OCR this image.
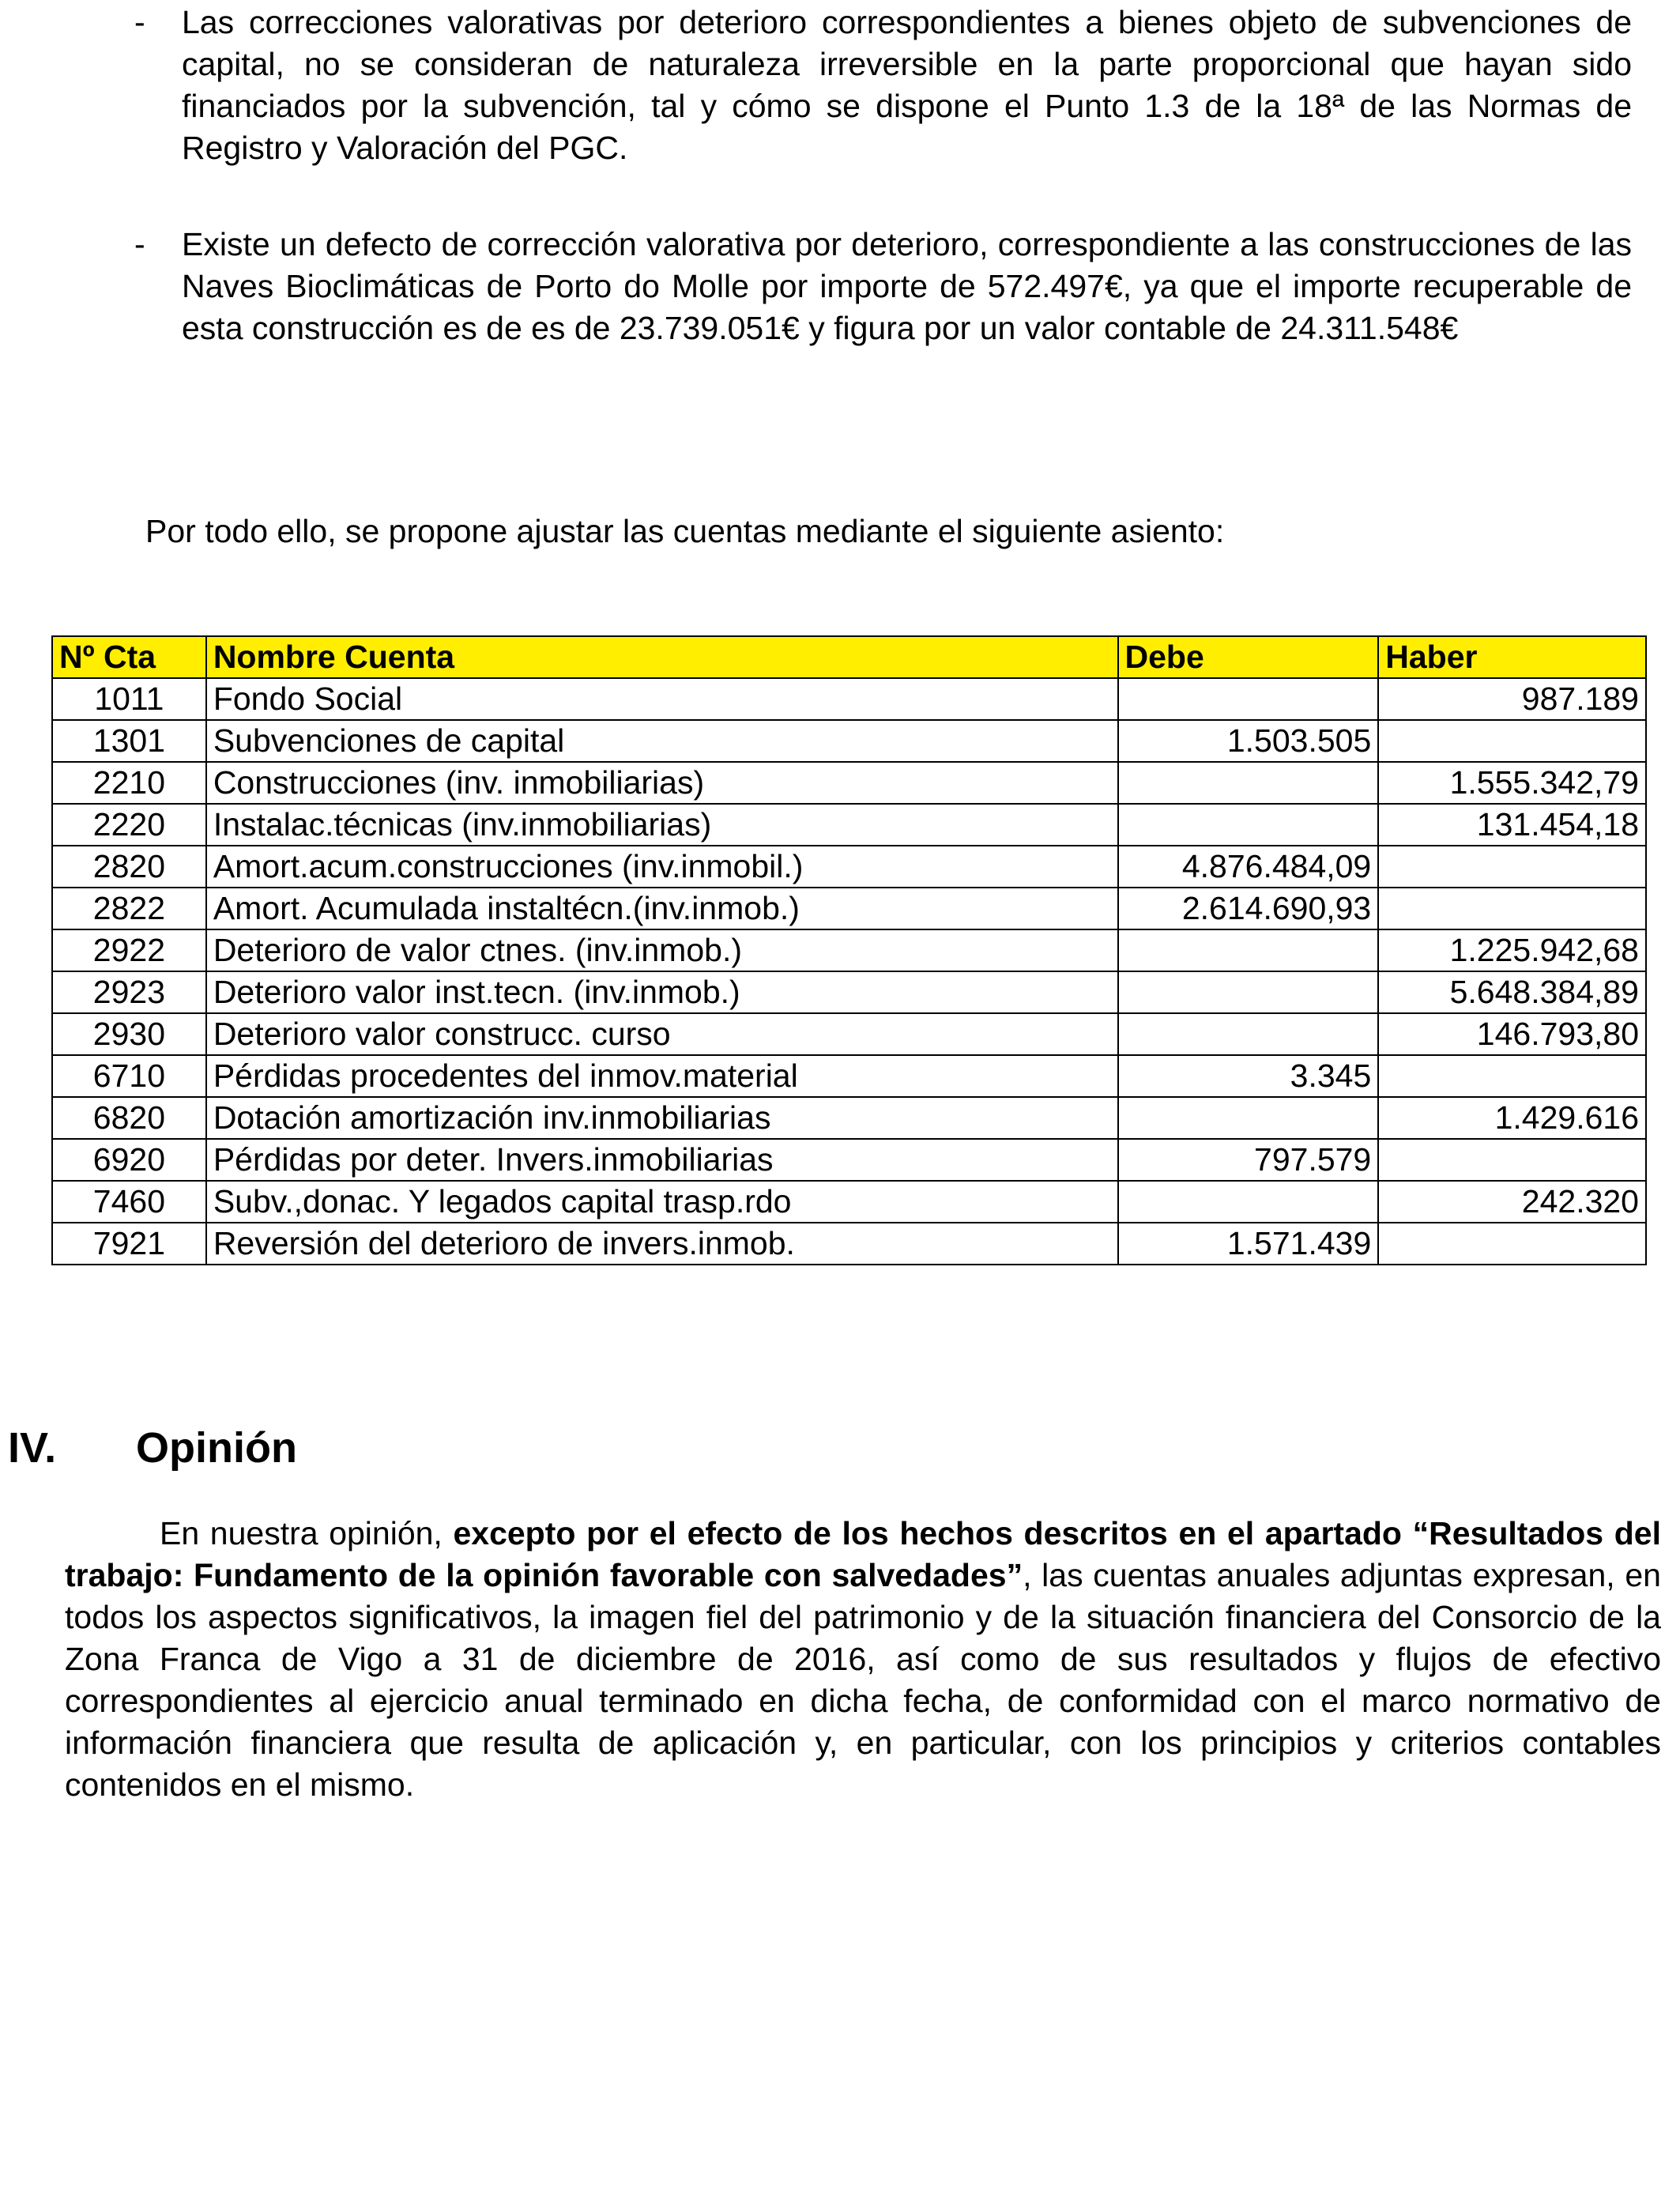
- Las correcciones valorativas por deterioro correspondientes a bienes objeto de subvenciones de capital, no se consideran de naturaleza irreversible en la parte proporcional que hayan sido financiados por la subvención, tal y cómo se dispone el Punto 1.3 de la 18ª de las Normas de Registro y Valoración del PGC.

- Existe un defecto de corrección valorativa por deterioro, correspondiente a las construcciones de las Naves Bioclimáticas de Porto do Molle por importe de 572.497€, ya que el importe recuperable de esta construcción es de es de 23.739.051€ y figura por un valor contable de 24.311.548€

Por todo ello, se propone ajustar las cuentas mediante el siguiente asiento:
Nº Cta	Nombre Cuenta	Debe	Haber
1011	Fondo Social		987.189
1301	Subvenciones de capital	1.503.505	
2210	Construcciones (inv. inmobiliarias)		1.555.342,79
2220	Instalac.técnicas (inv.inmobiliarias)		131.454,18
2820	Amort.acum.construcciones (inv.inmobil.)	4.876.484,09	
2822	Amort. Acumulada instaltécn.(inv.inmob.)	2.614.690,93	
2922	Deterioro de valor ctnes. (inv.inmob.)		1.225.942,68
2923	Deterioro valor inst.tecn. (inv.inmob.)		5.648.384,89
2930	Deterioro valor construcc. curso		146.793,80
6710	Pérdidas procedentes del inmov.material	3.345	
6820	Dotación amortización inv.inmobiliarias		1.429.616
6920	Pérdidas por deter. Invers.inmobiliarias	797.579	
7460	Subv.,donac. Y legados capital trasp.rdo		242.320
7921	Reversión del deterioro de invers.inmob.	1.571.439	
IV. Opinión

En nuestra opinión, excepto por el efecto de los hechos descritos en el apartado “Resultados del trabajo: Fundamento de la opinión favorable con salvedades”, las cuentas anuales adjuntas expresan, en todos los aspectos significativos, la imagen fiel del patrimonio y de la situación financiera del Consorcio de la Zona Franca de Vigo a 31 de diciembre de 2016, así como de sus resultados y flujos de efectivo correspondientes al ejercicio anual terminado en dicha fecha, de conformidad con el marco normativo de información financiera que resulta de aplicación y, en particular, con los principios y criterios contables contenidos en el mismo.
